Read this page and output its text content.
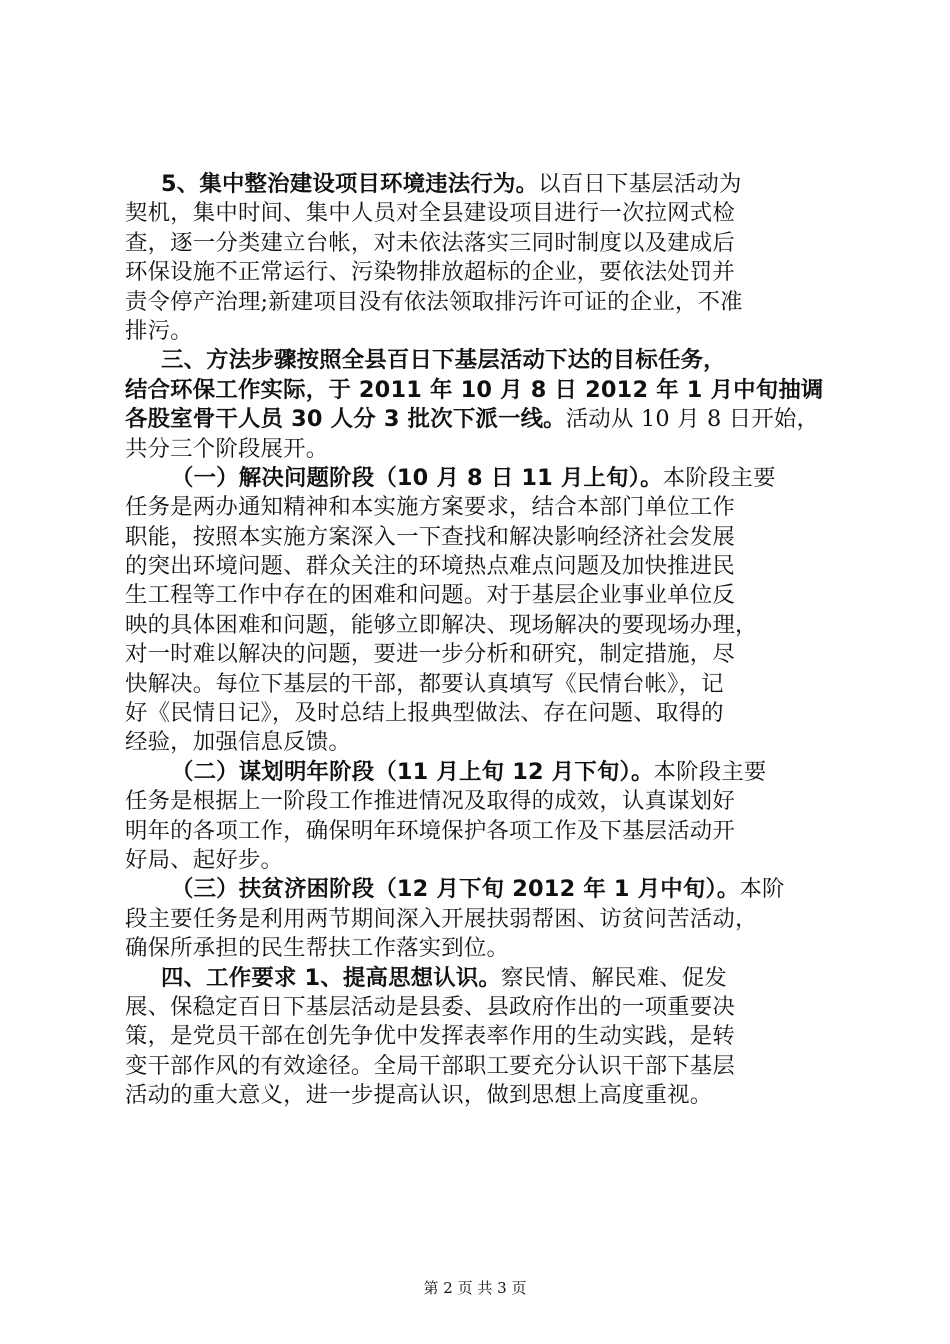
5、集中整治建设项目环境违法行为。以百日下基层活动为
契机，集中时间、集中人员对全县建设项目进行一次拉网式检
查，逐一分类建立台帐，对未依法落实三同时制度以及建成后
环保设施不正常运行、污染物排放超标的企业，要依法处罚并
责令停产治理;新建项目没有依法领取排污许可证的企业，不准
排污。
三、方法步骤按照全县百日下基层活动下达的目标任务，
结合环保工作实际，于 2011 年 10 月 8 日 2012 年 1 月中旬抽调
各股室骨干人员 30 人分 3 批次下派一线。活动从 10 月 8 日开始，
共分三个阶段展开。
（一）解决问题阶段（10 月 8 日 11 月上旬）。本阶段主要
任务是两办通知精神和本实施方案要求，结合本部门单位工作
职能，按照本实施方案深入一下查找和解决影响经济社会发展
的突出环境问题、群众关注的环境热点难点问题及加快推进民
生工程等工作中存在的困难和问题。对于基层企业事业单位反
映的具体困难和问题，能够立即解决、现场解决的要现场办理，
对一时难以解决的问题，要进一步分析和研究，制定措施，尽
快解决。每位下基层的干部，都要认真填写《民情台帐》，记
好《民情日记》，及时总结上报典型做法、存在问题、取得的
经验，加强信息反馈。
（二）谋划明年阶段（11 月上旬 12 月下旬）。本阶段主要
任务是根据上一阶段工作推进情况及取得的成效，认真谋划好
明年的各项工作，确保明年环境保护各项工作及下基层活动开
好局、起好步。
（三）扶贫济困阶段（12 月下旬 2012 年 1 月中旬）。本阶
段主要任务是利用两节期间深入开展扶弱帮困、访贫问苦活动，
确保所承担的民生帮扶工作落实到位。
四、工作要求 1、提高思想认识。察民情、解民难、促发
展、保稳定百日下基层活动是县委、县政府作出的一项重要决
策，是党员干部在创先争优中发挥表率作用的生动实践，是转
变干部作风的有效途径。全局干部职工要充分认识干部下基层
活动的重大意义，进一步提高认识，做到思想上高度重视。
第 2 页 共 3 页
